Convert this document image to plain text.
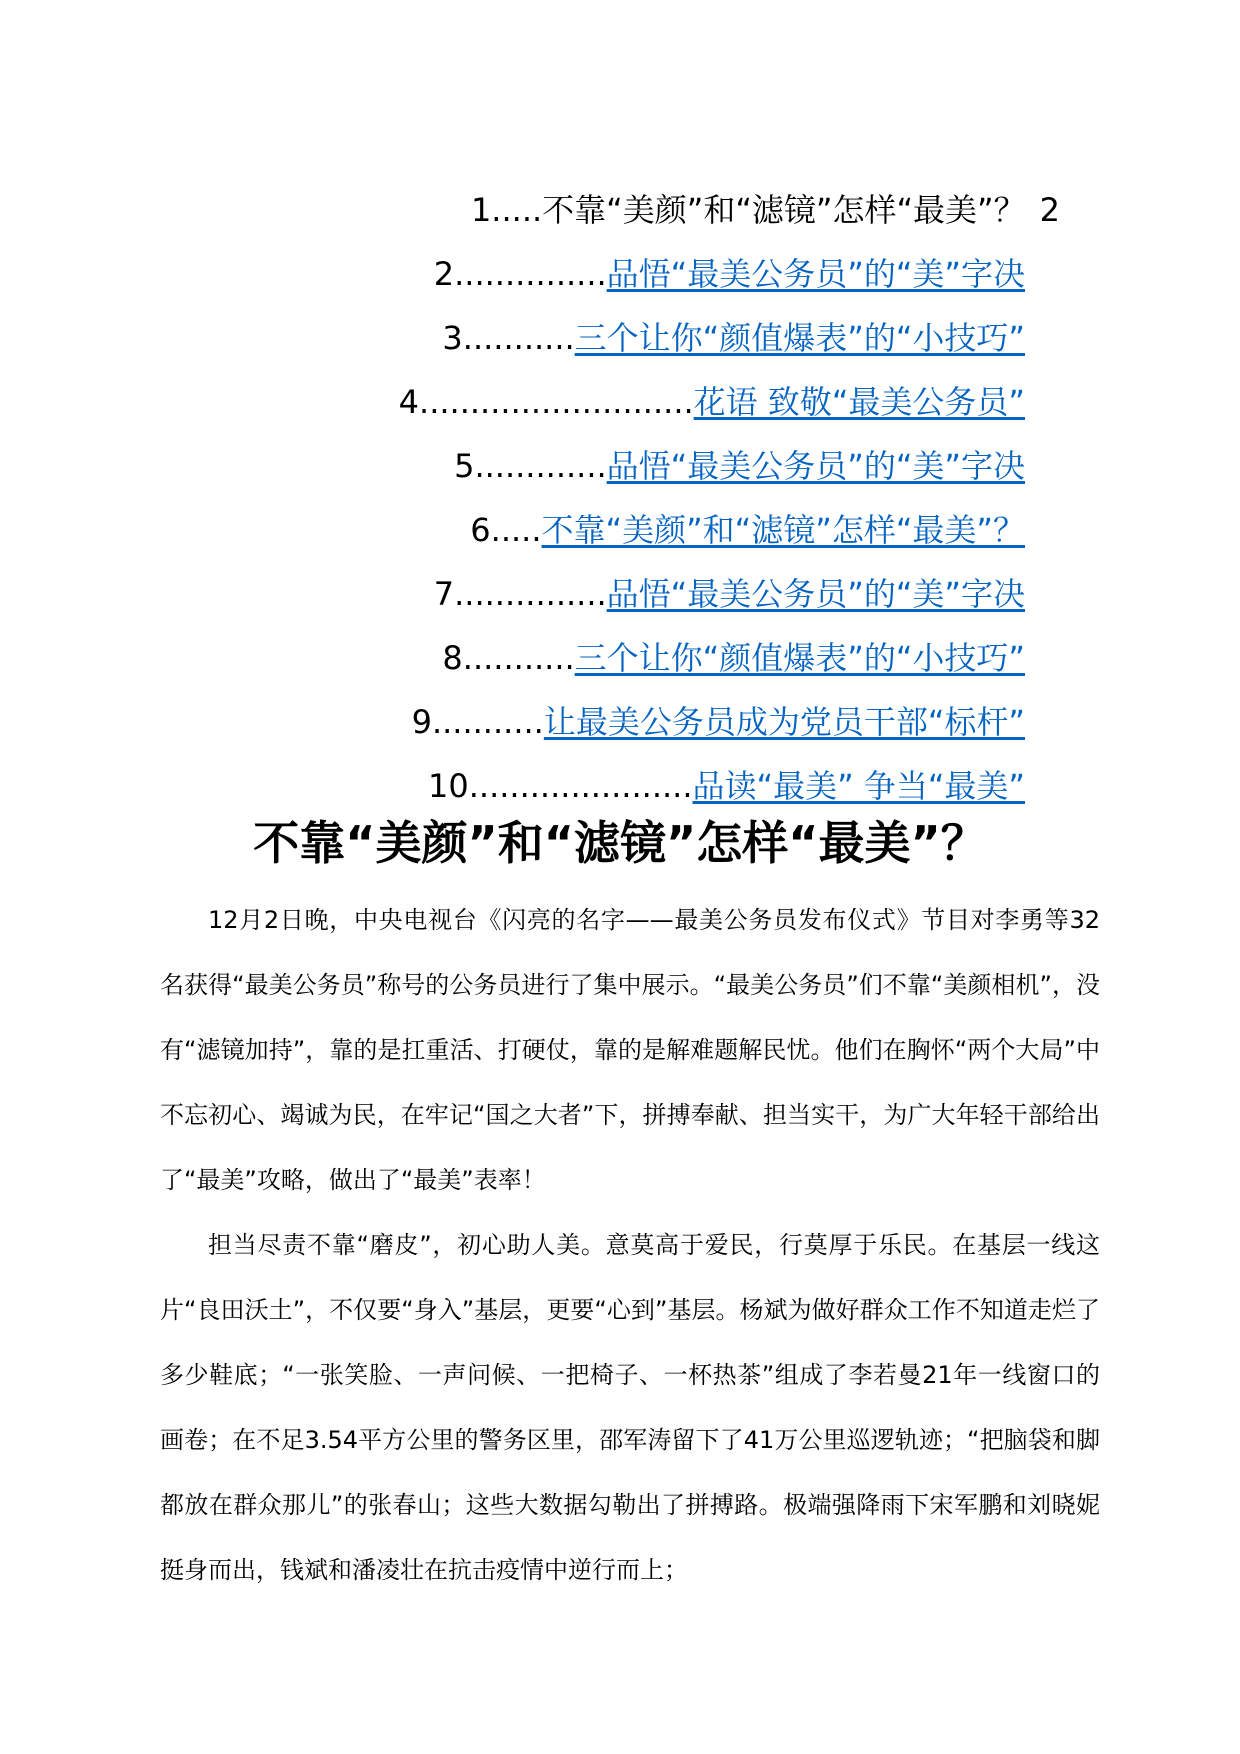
1 ..... 不靠“美颜”和“滤镜”怎样“最美”？ 2
2 ............... 品悟“最美公务员”的“美”字决
3 ........... 三个让你“颜值爆表”的“小技巧”
4 ........................... 花语 致敬“最美公务员”
5 ............. 品悟“最美公务员”的“美”字决
6 ..... 不靠“美颜”和“滤镜”怎样“最美”？
7 ............... 品悟“最美公务员”的“美”字决
8 ........... 三个让你“颜值爆表”的“小技巧”
9 ........... 让最美公务员成为党员干部“标杆”
10 ...................... 品读“最美” 争当“最美”
不靠“美颜”和“滤镜”怎样“最美”？

12月2日晚，中央电视台《闪亮的名字——最美公务员发布仪式》节目对李勇等32名获得“最美公务员”称号的公务员进行了集中展示。“最美公务员”们不靠“美颜相机”，没有“滤镜加持”，靠的是扛重活、打硬仗，靠的是解难题解民忧。他们在胸怀“两个大局”中不忘初心、竭诚为民，在牢记“国之大者”下，拼搏奉献、担当实干，为广大年轻干部给出了“最美”攻略，做出了“最美”表率！

担当尽责不靠“磨皮”，初心助人美。意莫高于爱民，行莫厚于乐民。在基层一线这片“良田沃土”，不仅要“身入”基层，更要“心到”基层。杨斌为做好群众工作不知道走烂了多少鞋底；“一张笑脸、一声问候、一把椅子、一杯热茶”组成了李若曼21年一线窗口的画卷；在不足3.54平方公里的警务区里，邵军涛留下了41万公里巡逻轨迹；“把脑袋和脚都放在群众那儿”的张春山；这些大数据勾勒出了拼搏路。极端强降雨下宋军鹏和刘晓妮挺身而出，钱斌和潘凌壮在抗击疫情中逆行而上；
